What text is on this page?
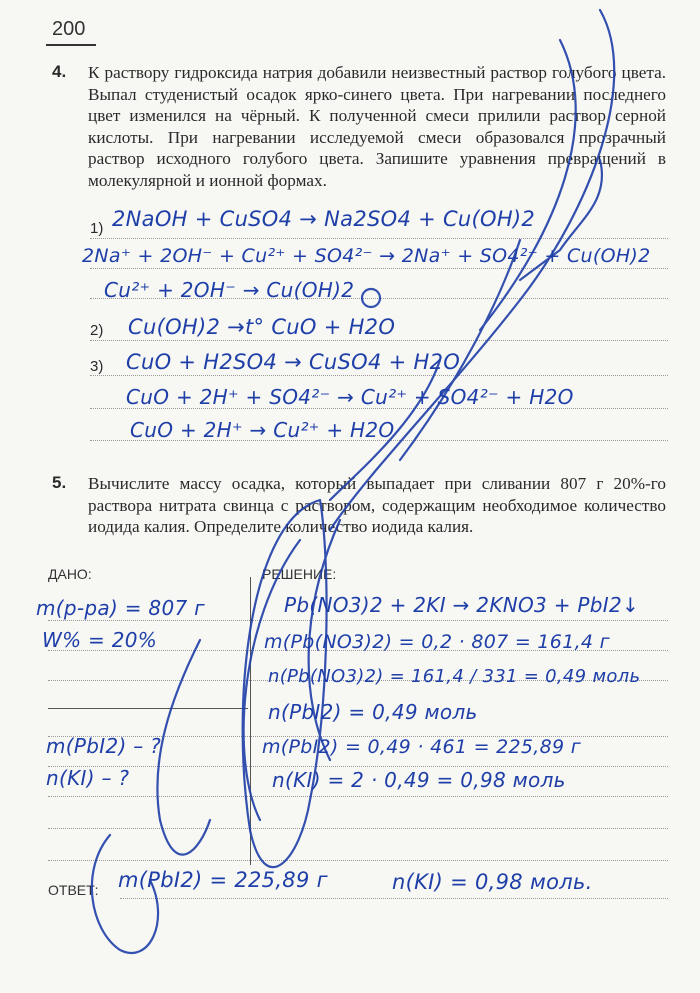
200
4. К раствору гидроксида натрия добавили неизвестный раствор голубого цвета. Выпал студенистый осадок ярко-синего цвета. При нагревании последнего цвет изменился на чёрный. К полученной смеси прилили раствор серной кислоты. При нагревании исследуемой смеси образовался прозрачный раствор исходного голубого цвета. Запишите уравнения превращений в молекулярной и ионной формах.

1)
2)
3)
2NaOH + CuSO4 → Na2SO4 + Cu(OH)2
2Na⁺ + 2OH⁻ + Cu²⁺ + SO4²⁻ → 2Na⁺ + SO4²⁻ + Cu(OH)2
Cu²⁺ + 2OH⁻ → Cu(OH)2
Cu(OH)2 →t° CuO + H2O
CuO + H2SO4 → CuSO4 + H2O
CuO + 2H⁺ + SO4²⁻ → Cu²⁺ + SO4²⁻ + H2O
CuO + 2H⁺ → Cu²⁺ + H2O
5. Вычислите массу осадка, который выпадает при сливании 807 г 20%-го раствора нитрата свинца с раствором, содержащим необходимое количество иодида калия. Определите количество иодида калия.

ДАНО:	РЕШЕНИЕ:
m(р-ра) = 807 г
W% = 20%
m(PbI2) – ?
n(KI) – ?
Pb(NO3)2 + 2KI → 2KNO3 + PbI2↓
m(Pb(NO3)2) = 0,2 · 807 = 161,4 г
n(Pb(NO3)2) = 161,4 / 331 = 0,49 моль
n(PbI2) = 0,49 моль
m(PbI2) = 0,49 · 461 = 225,89 г
n(KI) = 2 · 0,49 = 0,98 моль
ОТВЕТ: m(PbI2) = 225,89 г	n(KI) = 0,98 моль.
